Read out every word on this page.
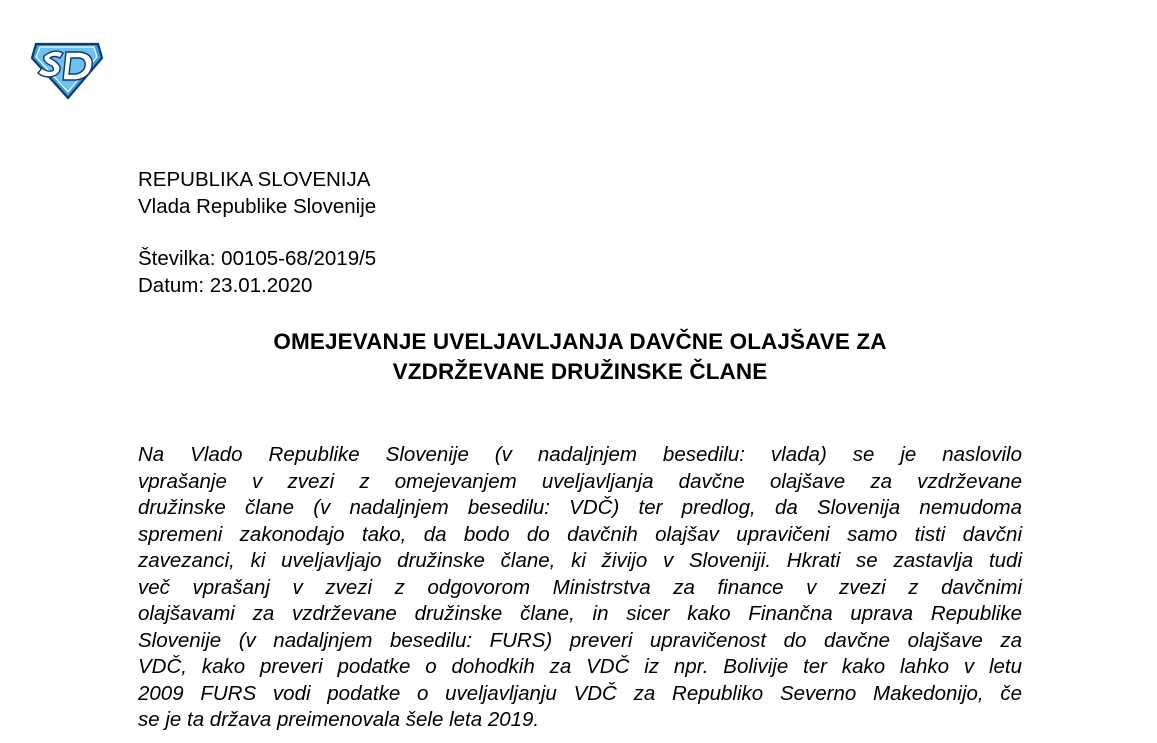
REPUBLIKA SLOVENIJA
Vlada Republike Slovenije
Številka: 00105-68/2019/5
Datum: 23.01.2020
OMEJEVANJE UVELJAVLJANJA DAVČNE OLAJŠAVE ZA
VZDRŽEVANE DRUŽINSKE ČLANE
Na Vlado Republike Slovenije (v nadaljnjem besedilu: vlada) se je naslovilo
vprašanje v zvezi z omejevanjem uveljavljanja davčne olajšave za vzdrževane
družinske člane (v nadaljnjem besedilu: VDČ) ter predlog, da Slovenija nemudoma
spremeni zakonodajo tako, da bodo do davčnih olajšav upravičeni samo tisti davčni
zavezanci, ki uveljavljajo družinske člane, ki živijo v Sloveniji. Hkrati se zastavlja tudi
več vprašanj v zvezi z odgovorom Ministrstva za finance v zvezi z davčnimi
olajšavami za vzdrževane družinske člane, in sicer kako Finančna uprava Republike
Slovenije (v nadaljnjem besedilu: FURS) preveri upravičenost do davčne olajšave za
VDČ, kako preveri podatke o dohodkih za VDČ iz npr. Bolivije ter kako lahko v letu
2009 FURS vodi podatke o uveljavljanju VDČ za Republiko Severno Makedonijo, če
se je ta država preimenovala šele leta 2019.
